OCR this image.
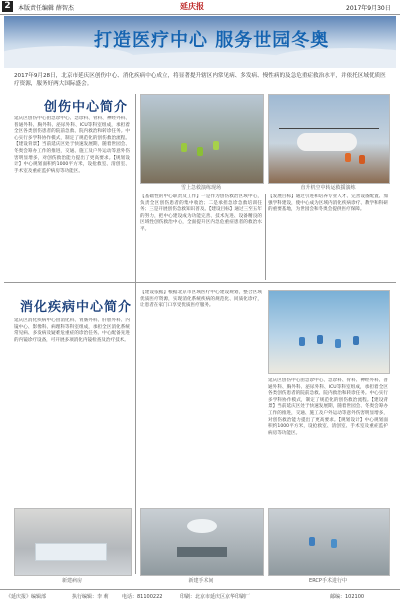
2	本版责任编辑 薛智杰	延庆报	2017年9月30日
打造医疗中心 服务世园冬奥
2017年9月28日，北京市延庆区创伤中心、消化疾病中心成立，将显著提升辖区内常见病、多发病、慢性病的及急危重症救治水平，并依托区域优质医疗资源，服务好两大国际盛会。
创伤中心简介
延庆区创伤中心由急诊中心、急诊科、骨科、神经外科、普通外科、胸外科、泌尿外科、ICU等科室组成，承担着全区各类创伤患者的院前急救、院内救治和转诊任务。中心实行多学科协作模式，制定了规范化的创伤救治流程。【建设背景】当前延庆区处于快速发展期，随着世园会、冬奥会筹办工作的推进，交通、施工及户外运动等意外伤害明显增多，对创伤救治能力提出了更高要求。【规划设计】中心规划面积约1000平方米，设抢救室、清创室、手术室及重症监护病房等功能区。
雪上急救演练现场	直升机空中转运救援演练
【基础性的中心职责及工作】一是作为创伤救治区域中心，负责全区创伤患者的集中收治；二是承担急诊急救培训任务；三是开展创伤急救知识普及。【建设目标】通过三至五年的努力，把中心建设成为功能完善、技术先进、设备精良的区域性创伤救治中心，全面提升区内急危重症患者的救治水平。
【发展目标】通过引进和培养专业人才、完善设备配置、加强学科建设，使中心成为区域内消化疾病诊疗、教学和科研的重要基地，为世园会和冬奥会提供医疗保障。
消化疾病中心简介
延庆区消化疾病中心由消化科、胃肠外科、肝胆外科、内镜中心、影像科、病理科等科室组成，承担全区消化系统常见病、多发病及疑难危重症的诊治任务。中心配备先进的内镜诊疗设备，可开展多项消化内镜检查及治疗技术。
【建设依据】根据北京市区域医疗中心建设规划，整合区域优质医疗资源，实现消化系统疾病的规范化、同质化诊疗，让患者在家门口享受优质医疗服务。
延庆区创伤中心由急诊中心、急诊科、骨科、神经外科、普通外科、胸外科、泌尿外科、ICU等科室组成，承担着全区各类创伤患者的院前急救、院内救治和转诊任务。中心实行多学科协作模式，制定了规范化的创伤救治流程。【建设背景】当前延庆区处于快速发展期，随着世园会、冬奥会筹办工作的推进，交通、施工及户外运动等意外伤害明显增多，对创伤救治能力提出了更高要求。【规划设计】中心规划面积约1000平方米，设抢救室、清创室、手术室及重症监护病房等功能区。
新建病房	新建手术间	ERCP手术进行中
《延庆报》编辑部	执行编辑：李 莉	电话：81100222	印刷：北京市延庆区京华印刷厂	邮编：102100
